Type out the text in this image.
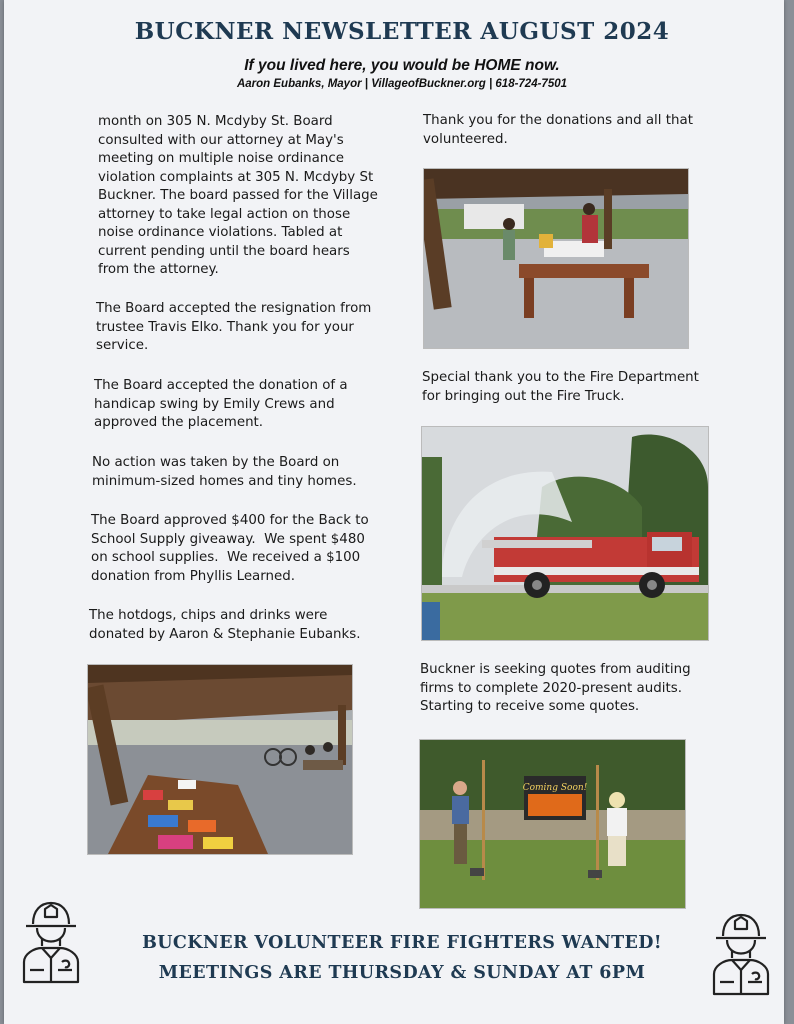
BUCKNER NEWSLETTER AUGUST 2024
If you lived here, you would be HOME now.
Aaron Eubanks, Mayor | VillageofBuckner.org | 618-724-7501
month on 305 N. Mcdyby St. Board
consulted with our attorney at May's
meeting on multiple noise ordinance
violation complaints at 305 N. Mcdyby St
Buckner. The board passed for the Village
attorney to take legal action on those
noise ordinance violations. Tabled at
current pending until the board hears
from the attorney.
The Board accepted the resignation from
trustee Travis Elko. Thank you for your
service.
The Board accepted the donation of a
handicap swing by Emily Crews and
approved the placement.
No action was taken by the Board on
minimum-sized homes and tiny homes.
The Board approved $400 for the Back to
School Supply giveaway.  We spent $480
on school supplies.  We received a $100
donation from Phyllis Learned.
The hotdogs, chips and drinks were
donated by Aaron & Stephanie Eubanks.
Thank you for the donations and all that
volunteered.
Special thank you to the Fire Department
for bringing out the Fire Truck.
Buckner is seeking quotes from auditing
firms to complete 2020-present audits.
Starting to receive some quotes.
Coming Soon!
BUCKNER VOLUNTEER FIRE FIGHTERS WANTED!
MEETINGS ARE THURSDAY & SUNDAY AT 6PM
